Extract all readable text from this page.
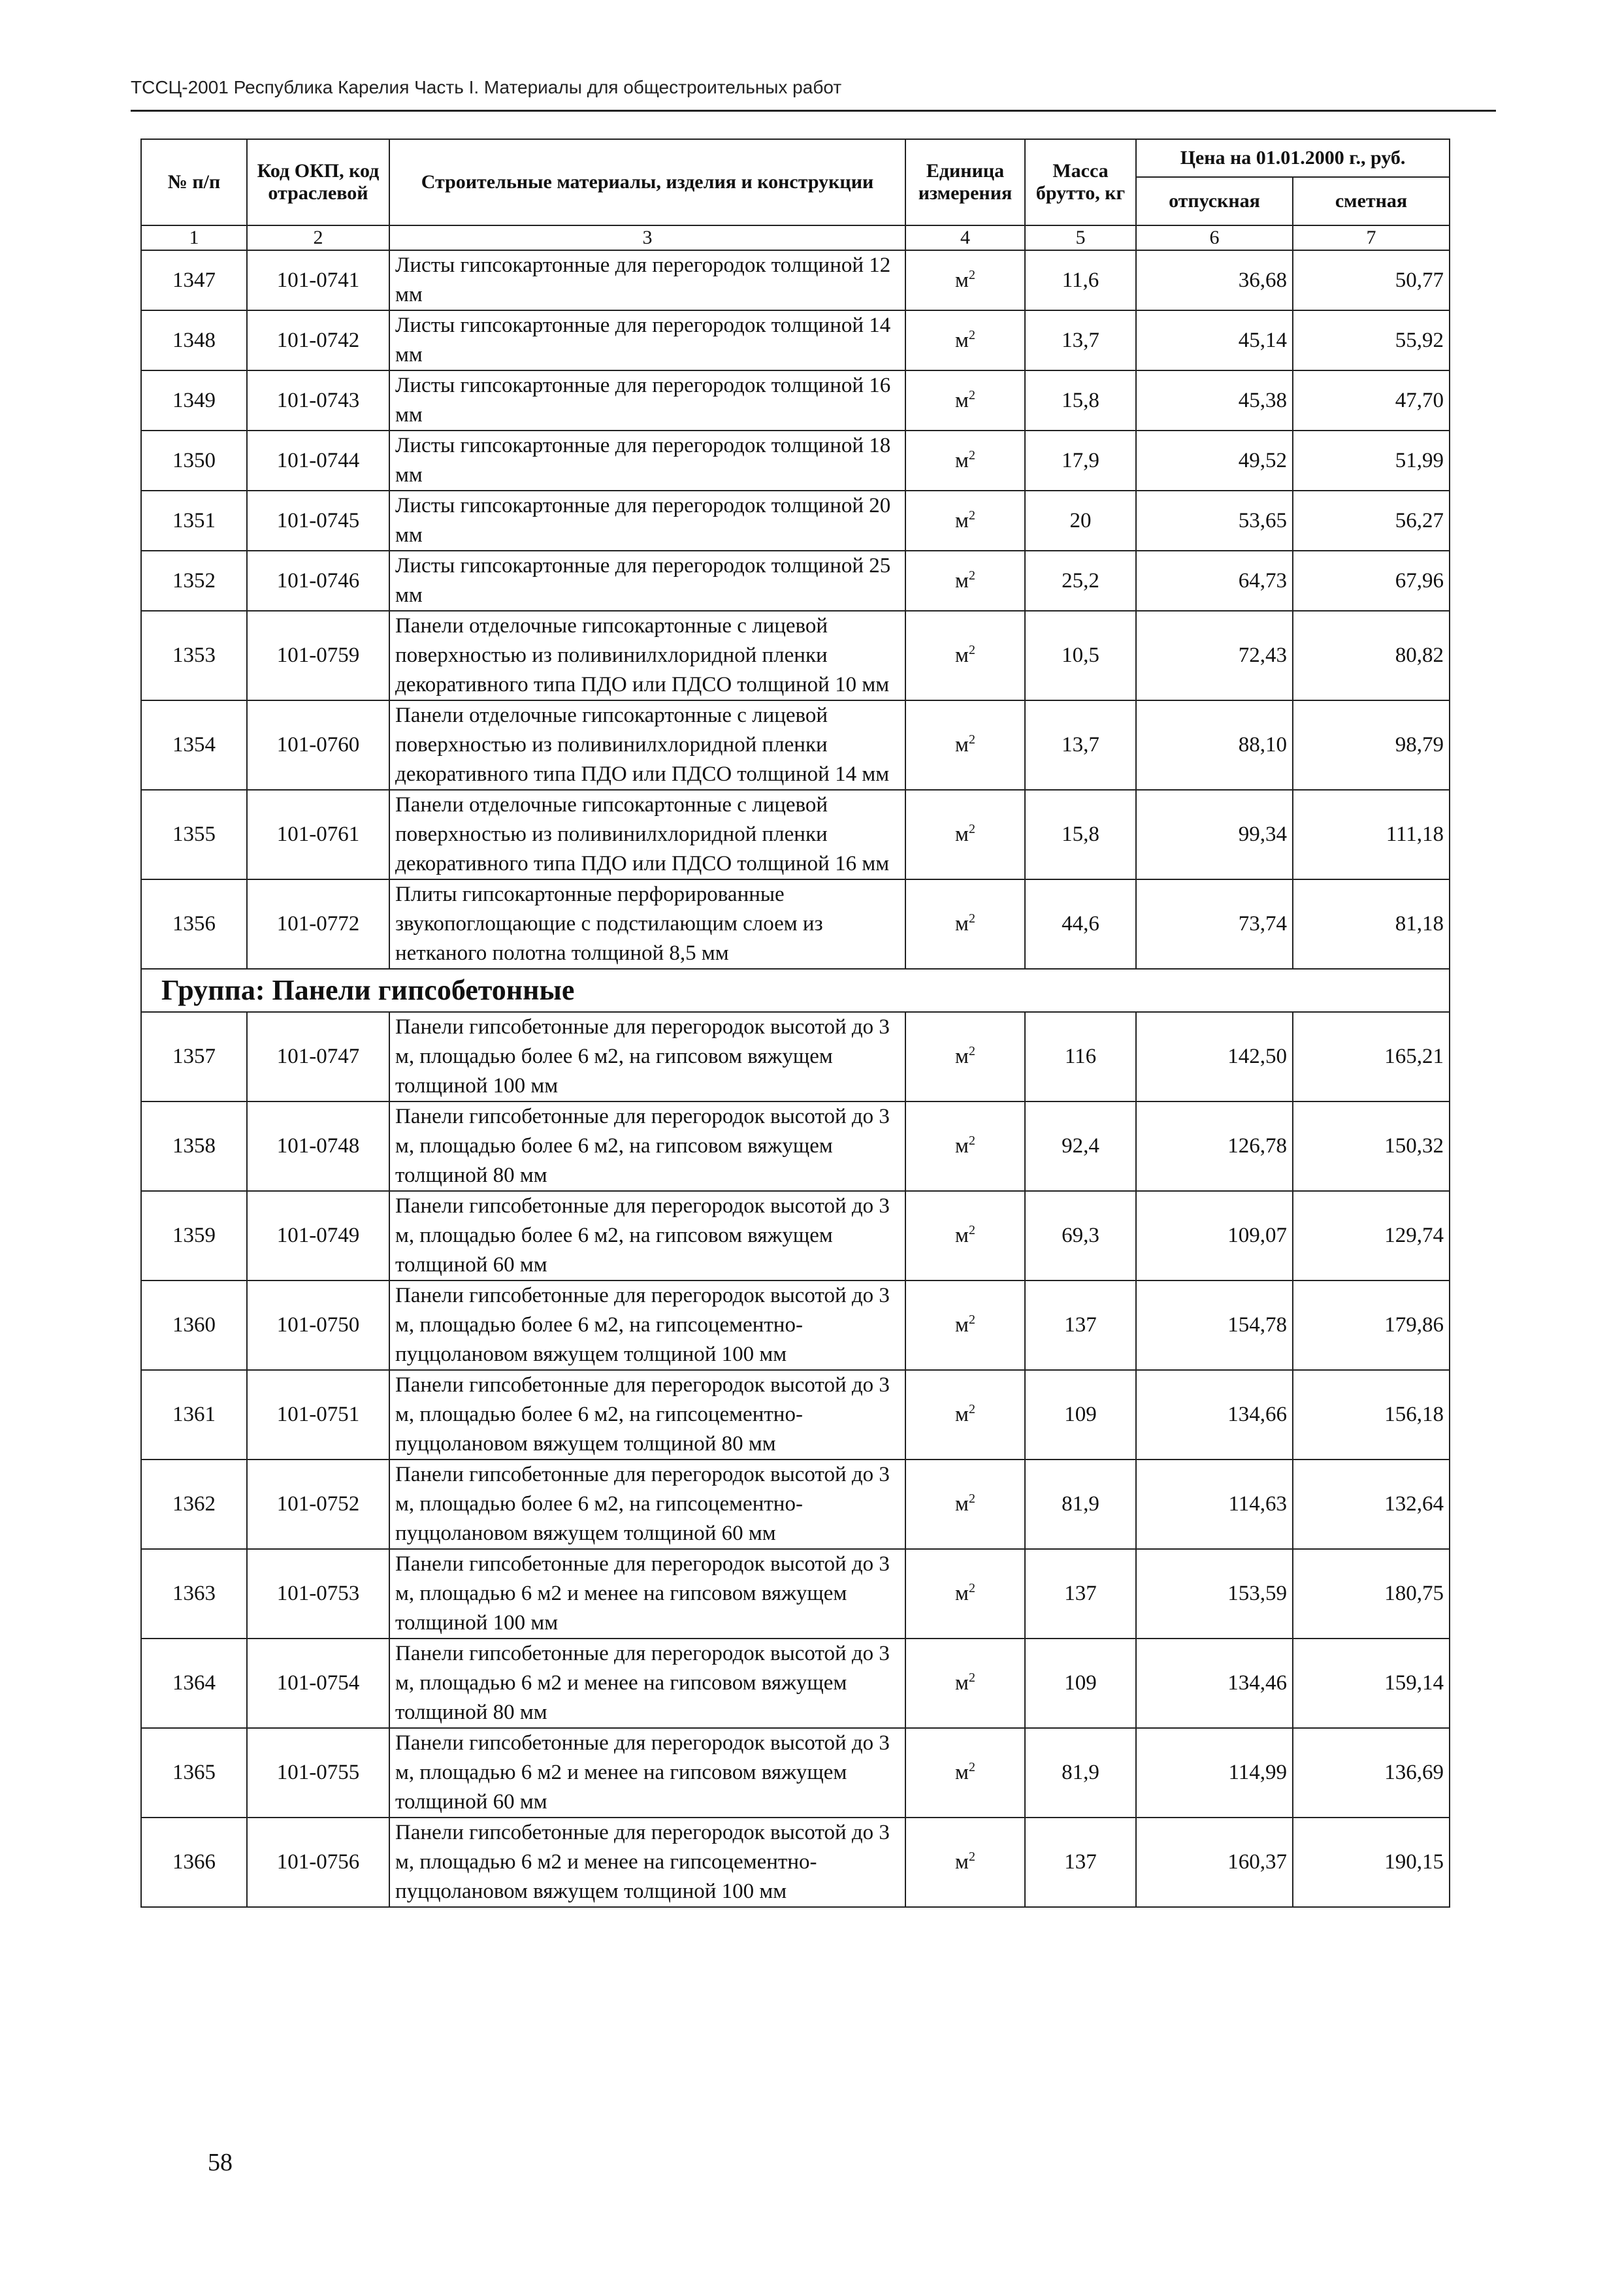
ТССЦ-2001 Республика Карелия Часть I. Материалы для общестроительных работ
№ п/п	Код ОКП, код отраслевой	Строительные материалы, изделия и конструкции	Единица измерения	Масса брутто, кг	Цена на 01.01.2000 г., руб.	
					отпускная	сметная
1	2	3	4	5	6	7
1347	101-0741	Листы гипсокартонные для перегородок толщиной 12 мм	$м^2$	11,6	36,68	50,77
1348	101-0742	Листы гипсокартонные для перегородок толщиной 14 мм	$м^2$	13,7	45,14	55,92
1349	101-0743	Листы гипсокартонные для перегородок толщиной 16 мм	$м^2$	15,8	45,38	47,70
1350	101-0744	Листы гипсокартонные для перегородок толщиной 18 мм	$м^2$	17,9	49,52	51,99
1351	101-0745	Листы гипсокартонные для перегородок толщиной 20 мм	$м^2$	20	53,65	56,27
1352	101-0746	Листы гипсокартонные для перегородок толщиной 25 мм	$м^2$	25,2	64,73	67,96
1353	101-0759	Панели отделочные гипсокартонные с лицевой поверхностью из поливинилхлоридной пленки декоративного типа ПДО или ПДСО толщиной 10 мм	$м^2$	10,5	72,43	80,82
1354	101-0760	Панели отделочные гипсокартонные с лицевой поверхностью из поливинилхлоридной пленки декоративного типа ПДО или ПДСО толщиной 14 мм	$м^2$	13,7	88,10	98,79
1355	101-0761	Панели отделочные гипсокартонные с лицевой поверхностью из поливинилхлоридной пленки декоративного типа ПДО или ПДСО толщиной 16 мм	$м^2$	15,8	99,34	111,18
1356	101-0772	Плиты гипсокартонные перфорированные звукопоглощающие с подстилающим слоем из нетканого полотна толщиной 8,5 мм	$м^2$	44,6	73,74	81,18
Группа: Панели гипсобетонные						
1357	101-0747	Панели гипсобетонные для перегородок высотой до 3 м, площадью более 6 м2, на гипсовом вяжущем толщиной 100 мм	$м^2$	116	142,50	165,21
1358	101-0748	Панели гипсобетонные для перегородок высотой до 3 м, площадью более 6 м2, на гипсовом вяжущем толщиной 80 мм	$м^2$	92,4	126,78	150,32
1359	101-0749	Панели гипсобетонные для перегородок высотой до 3 м, площадью более 6 м2, на гипсовом вяжущем толщиной 60 мм	$м^2$	69,3	109,07	129,74
1360	101-0750	Панели гипсобетонные для перегородок высотой до 3 м, площадью более 6 м2, на гипсоцементно-пуццолановом вяжущем толщиной 100 мм	$м^2$	137	154,78	179,86
1361	101-0751	Панели гипсобетонные для перегородок высотой до 3 м, площадью более 6 м2, на гипсоцементно-пуццолановом вяжущем толщиной 80 мм	$м^2$	109	134,66	156,18
1362	101-0752	Панели гипсобетонные для перегородок высотой до 3 м, площадью более 6 м2, на гипсоцементно-пуццолановом вяжущем толщиной 60 мм	$м^2$	81,9	114,63	132,64
1363	101-0753	Панели гипсобетонные для перегородок высотой до 3 м, площадью 6 м2 и менее на гипсовом вяжущем толщиной 100 мм	$м^2$	137	153,59	180,75
1364	101-0754	Панели гипсобетонные для перегородок высотой до 3 м, площадью 6 м2 и менее на гипсовом вяжущем толщиной 80 мм	$м^2$	109	134,46	159,14
1365	101-0755	Панели гипсобетонные для перегородок высотой до 3 м, площадью 6 м2 и менее на гипсовом вяжущем толщиной 60 мм	$м^2$	81,9	114,99	136,69
1366	101-0756	Панели гипсобетонные для перегородок высотой до 3 м, площадью 6 м2 и менее на гипсоцементно-пуццолановом вяжущем толщиной 100 мм	$м^2$	137	160,37	190,15
58
